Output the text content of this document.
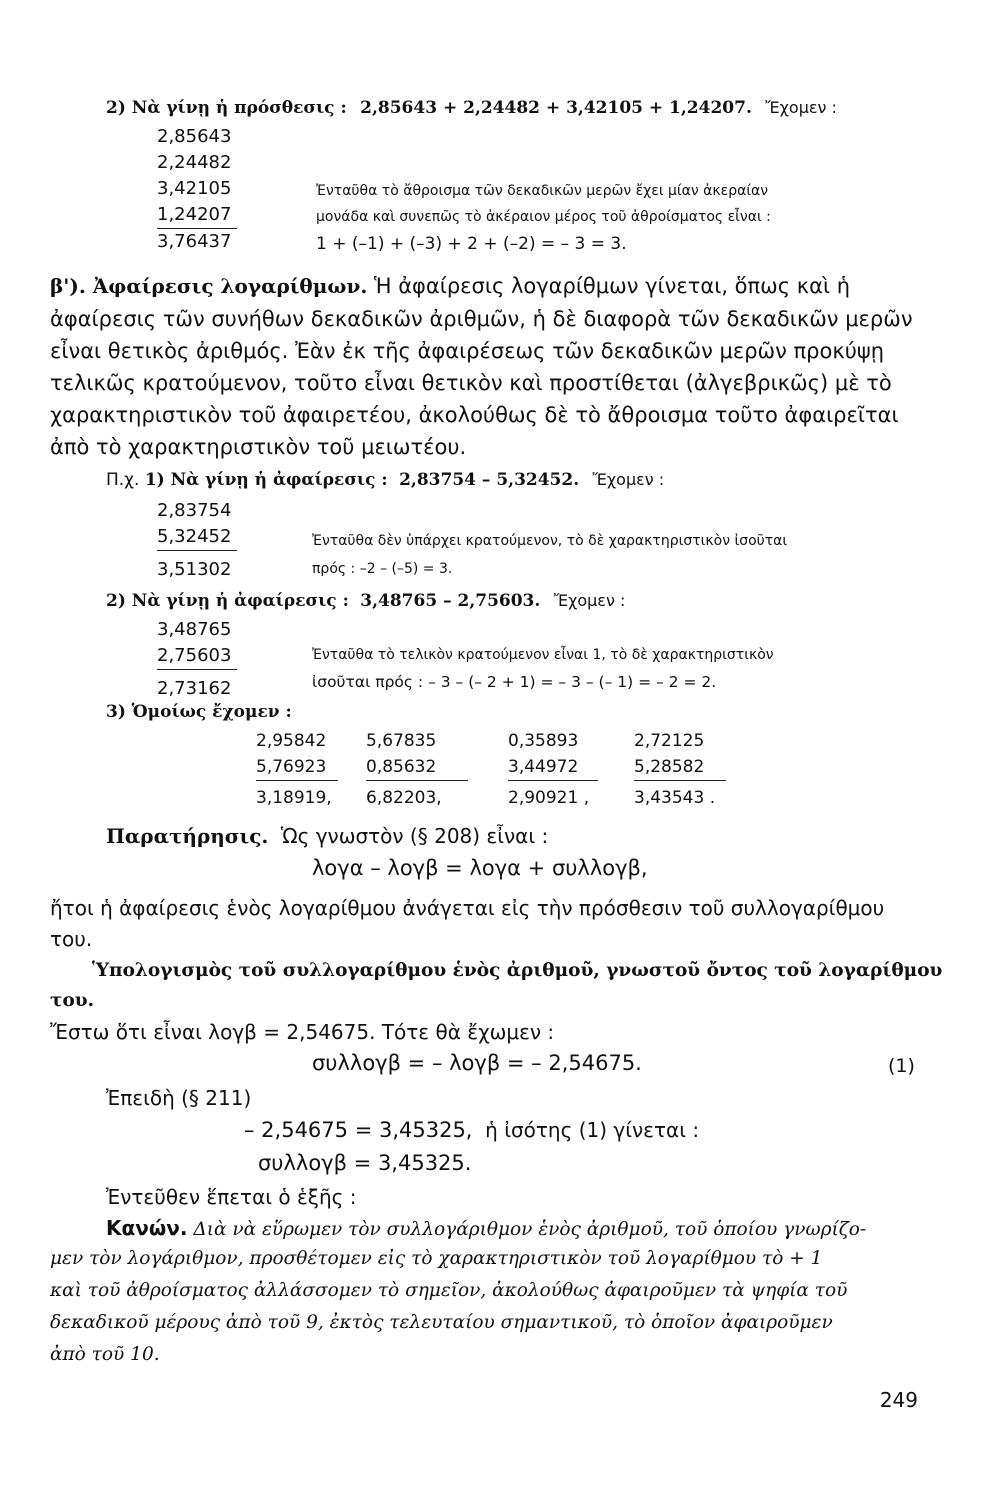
2) Νὰ γίνῃ ἡ πρόσθεσις : 2,85643 + 2,24482 + 3,42105 + 1,24207. Ἔχομεν :
2,85643
2,24482
3,42105
1,24207
3,76437
Ἐνταῦθα τὸ ἄθροισμα τῶν δεκαδικῶν μερῶν ἔχει μίαν ἀκεραίαν
μονάδα καὶ συνεπῶς τὸ ἀκέραιον μέρος τοῦ ἀθροίσματος εἶναι :
1 + (–1) + (–3) + 2 + (–2) = – 3 = 3.
β'). Ἀφαίρεσις λογαρίθμων. Ἡ ἀφαίρεσις λογαρίθμων γίνεται, ὅπως καὶ ἡ
ἀφαίρεσις τῶν συνήθων δεκαδικῶν ἀριθμῶν, ἡ δὲ διαφορὰ τῶν δεκαδικῶν μερῶν
εἶναι θετικὸς ἀριθμός. Ἐὰν ἐκ τῆς ἀφαιρέσεως τῶν δεκαδικῶν μερῶν προκύψῃ
τελικῶς κρατούμενον, τοῦτο εἶναι θετικὸν καὶ προστίθεται (ἀλγεβρικῶς) μὲ τὸ
χαρακτηριστικὸν τοῦ ἀφαιρετέου, ἀκολούθως δὲ τὸ ἄθροισμα τοῦτο ἀφαιρεῖται
ἀπὸ τὸ χαρακτηριστικὸν τοῦ μειωτέου.
Π.χ. 1) Νὰ γίνῃ ἡ ἀφαίρεσις : 2,83754 – 5,32452. Ἔχομεν :
2,83754
5,32452
3,51302
Ἐνταῦθα δὲν ὑπάρχει κρατούμενον, τὸ δὲ χαρακτηριστικὸν ἰσοῦται
πρός : –2 – (–5) = 3.
2) Νὰ γίνῃ ἡ ἀφαίρεσις : 3,48765 – 2,75603. Ἔχομεν :
3,48765
2,75603
2,73162
Ἐνταῦθα τὸ τελικὸν κρατούμενον εἶναι 1, τὸ δὲ χαρακτηριστικὸν
ἰσοῦται πρός : – 3 – (– 2 + 1) = – 3 – (– 1) = – 2 = 2.
3) Ὁμοίως ἔχομεν :
2,95842
5,76923
3,18919,
5,67835
0,85632
6,82203,
0,35893
3,44972
2,90921 ,
2,72125
5,28582
3,43543 .
Παρατήρησις. Ὡς γνωστὸν (§ 208) εἶναι :
λογα – λογβ = λογα + συλλογβ,
ἤτοι ἡ ἀφαίρεσις ἑνὸς λογαρίθμου ἀνάγεται εἰς τὴν πρόσθεσιν τοῦ συλλογαρίθμου
του.
Ὑπολογισμὸς τοῦ συλλογαρίθμου ἑνὸς ἀριθμοῦ, γνωστοῦ ὄντος τοῦ λογαρίθμου
του.
Ἔστω ὅτι εἶναι λογβ = 2,54675. Τότε θὰ ἔχωμεν :
συλλογβ = – λογβ = – 2,54675.	(1)
Ἐπειδὴ (§ 211)
– 2,54675 = 3,45325, ἡ ἰσότης (1) γίνεται :
συλλογβ = 3,45325.
Ἐντεῦθεν ἕπεται ὁ ἑξῆς :
Κανών. Διὰ νὰ εὕρωμεν τὸν συλλογάριθμον ἑνὸς ἀριθμοῦ, τοῦ ὁποίου γνωρίζο-
μεν τὸν λογάριθμον, προσθέτομεν εἰς τὸ χαρακτηριστικὸν τοῦ λογαρίθμου τὸ + 1
καὶ τοῦ ἀθροίσματος ἀλλάσσομεν τὸ σημεῖον, ἀκολούθως ἀφαιροῦμεν τὰ ψηφία τοῦ
δεκαδικοῦ μέρους ἀπὸ τοῦ 9, ἐκτὸς τελευταίου σημαντικοῦ, τὸ ὁποῖον ἀφαιροῦμεν
ἀπὸ τοῦ 10.
249
